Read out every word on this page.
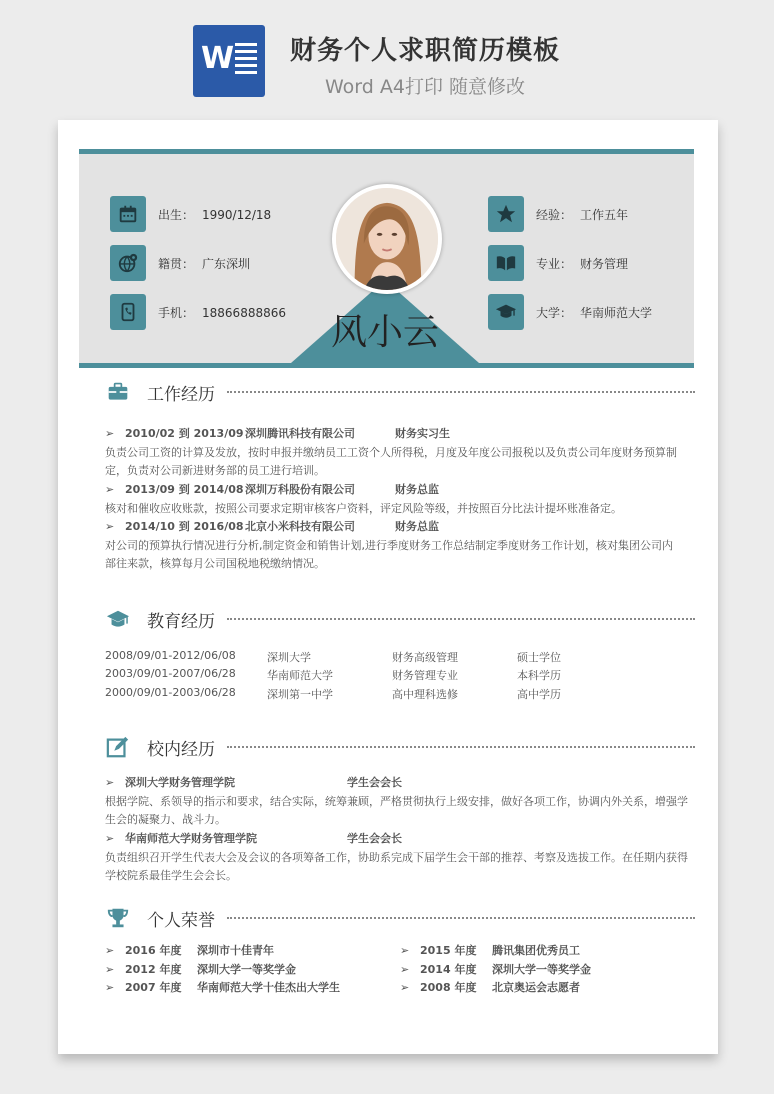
W 财务个人求职简历模板
Word A4打印 随意修改
出生： 1990/12/18
籍贯： 广东深圳
手机： 18866888866
经验： 工作五年
专业： 财务管理
大学： 华南师范大学
风小云
工作经历
➢ 2010/02 到 2013/09深圳腾讯科技有限公司	财务实习生
负责公司工资的计算及发放，按时申报并缴纳员工工资个人所得税，月度及年度公司报税以及负责公司年度财务预算制
定，负责对公司新进财务部的员工进行培训。
➢ 2013/09 到 2014/08深圳万科股份有限公司	财务总监
核对和催收应收账款，按照公司要求定期审核客户资料，评定风险等级，并按照百分比法计提坏账准备定。
➢ 2014/10 到 2016/08北京小米科技有限公司	财务总监
对公司的预算执行情况进行分析,制定资金和销售计划,进行季度财务工作总结制定季度财务工作计划，核对集团公司内
部往来款，核算每月公司国税地税缴纳情况。
教育经历
2008/09/01-2012/06/08	深圳大学	财务高级管理	硕士学位
2003/09/01-2007/06/28	华南师范大学	财务管理专业	本科学历
2000/09/01-2003/06/28	深圳第一中学	高中理科选修	高中学历
校内经历
➢ 深圳大学财务管理学院	学生会会长
根据学院、系领导的指示和要求，结合实际，统筹兼顾，严格贯彻执行上级安排，做好各项工作，协调内外关系，增强学
生会的凝聚力、战斗力。
➢ 华南师范大学财务管理学院	学生会会长
负责组织召开学生代表大会及会议的各项筹备工作，协助系完成下届学生会干部的推荐、考察及选拔工作。在任期内获得
学校院系最佳学生会会长。
个人荣誉
➢ 2016 年度 深圳市十佳青年
➢ 2012 年度 深圳大学一等奖学金
➢ 2007 年度 华南师范大学十佳杰出大学生
➢ 2015 年度 腾讯集团优秀员工
➢ 2014 年度 深圳大学一等奖学金
➢ 2008 年度 北京奥运会志愿者
